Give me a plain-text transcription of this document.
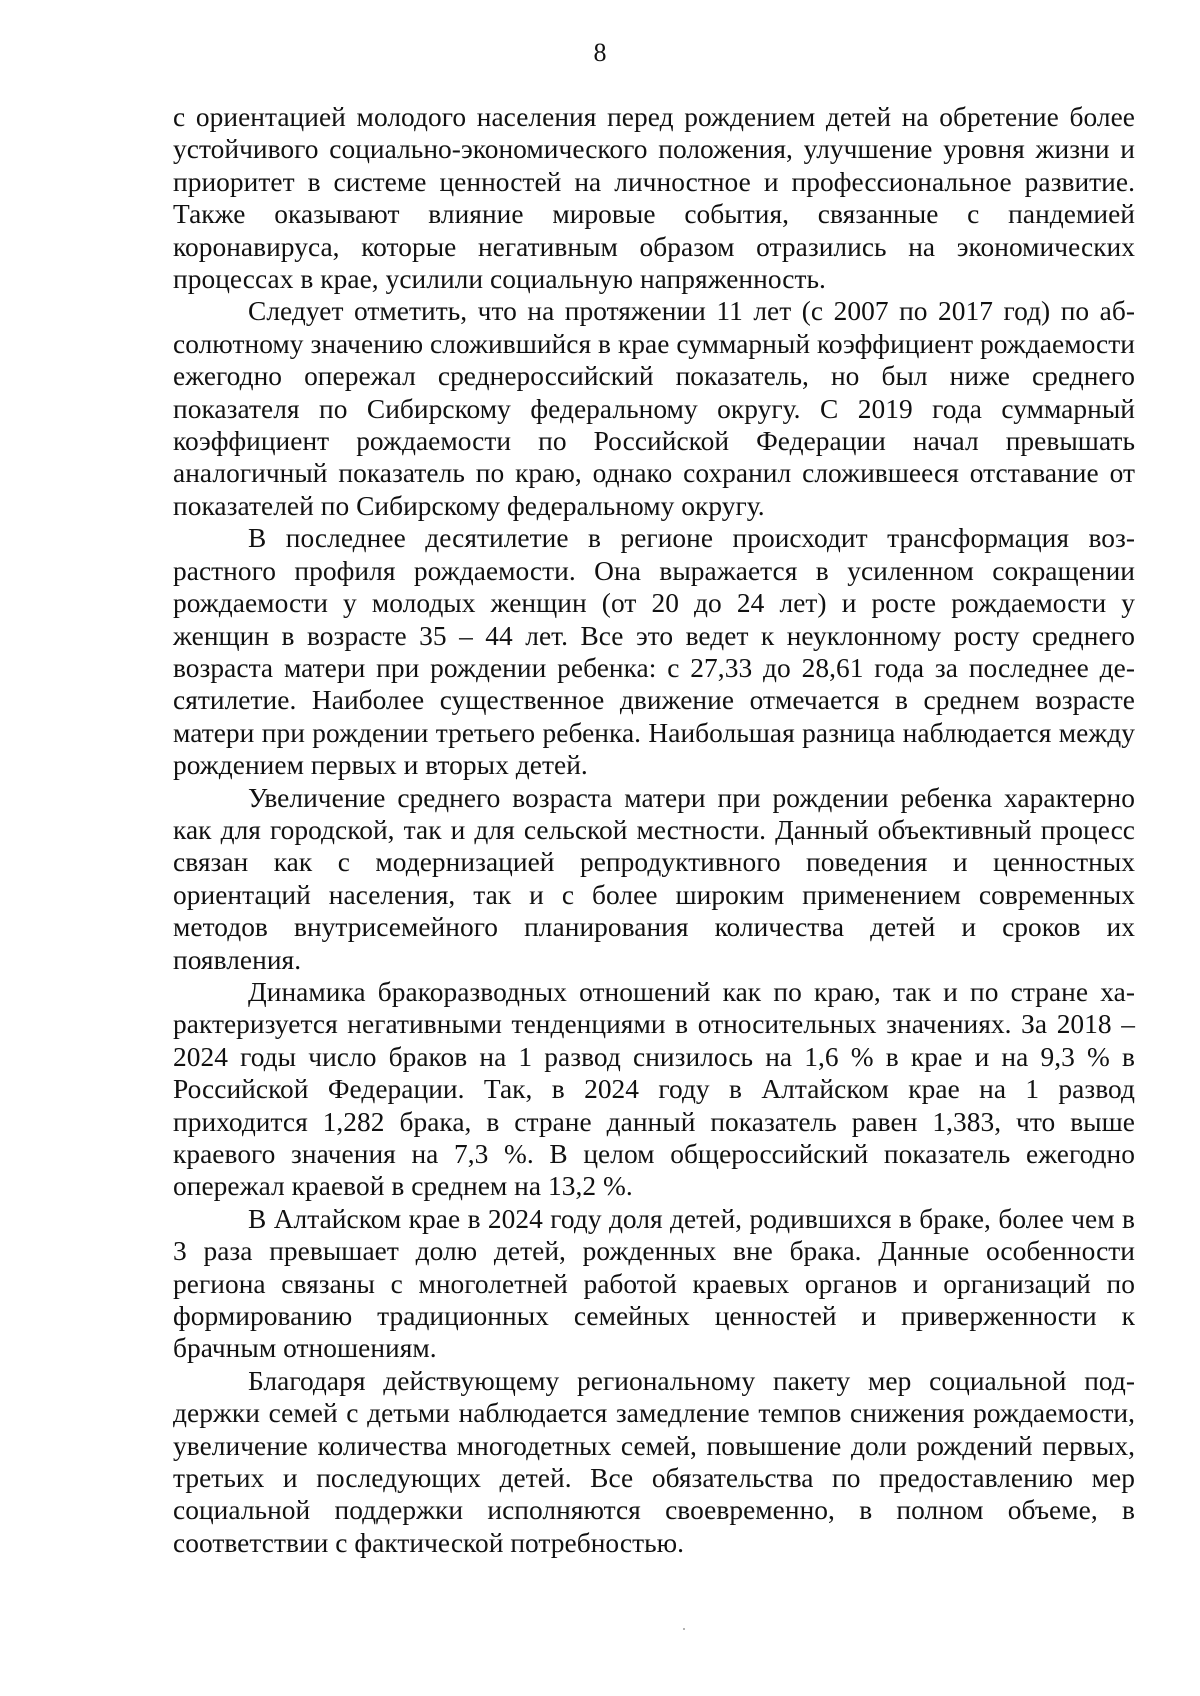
8

с ориентацией молодого населения перед рождением детей на обретение более устойчивого социально-экономического положения, улучшение уровня жизни и приоритет в системе ценностей на личностное и профессиональное развитие. Также оказывают влияние мировые события, связанные с пандемией коронавируса, которые негативным образом отразились на экономических процессах в крае, усилили социальную напряженность.

Следует отметить, что на протяжении 11 лет (с 2007 по 2017 год) по абсолютному значению сложившийся в крае суммарный коэффициент рождаемости ежегодно опережал среднероссийский показатель, но был ниже среднего показателя по Сибирскому федеральному округу. С 2019 года суммарный коэффициент рождаемости по Российской Федерации начал превышать аналогичный показатель по краю, однако сохранил сложившееся отставание от показателей по Сибирскому федеральному округу.

В последнее десятилетие в регионе происходит трансформация возрастного профиля рождаемости. Она выражается в усиленном сокращении рождаемости у молодых женщин (от 20 до 24 лет) и росте рождаемости у женщин в возрасте 35 – 44 лет. Все это ведет к неуклонному росту среднего возраста матери при рождении ребенка: с 27,33 до 28,61 года за последнее десятилетие. Наиболее существенное движение отмечается в среднем возрасте матери при рождении третьего ребенка. Наибольшая разница наблюдается между рождением первых и вторых детей.

Увеличение среднего возраста матери при рождении ребенка характерно как для городской, так и для сельской местности. Данный объективный процесс связан как с модернизацией репродуктивного поведения и ценностных ориентаций населения, так и с более широким применением современных методов внутрисемейного планирования количества детей и сроков их появления.

Динамика бракоразводных отношений как по краю, так и по стране характеризуется негативными тенденциями в относительных значениях. За 2018 – 2024 годы число браков на 1 развод снизилось на 1,6 % в крае и на 9,3 % в Российской Федерации. Так, в 2024 году в Алтайском крае на 1 развод приходится 1,282 брака, в стране данный показатель равен 1,383, что выше краевого значения на 7,3 %. В целом общероссийский показатель ежегодно опережал краевой в среднем на 13,2 %.

В Алтайском крае в 2024 году доля детей, родившихся в браке, более чем в 3 раза превышает долю детей, рожденных вне брака. Данные особенности региона связаны с многолетней работой краевых органов и организаций по формированию традиционных семейных ценностей и приверженности к брачным отношениям.

Благодаря действующему региональному пакету мер социальной поддержки семей с детьми наблюдается замедление темпов снижения рождаемости, увеличение количества многодетных семей, повышение доли рождений первых, третьих и последующих детей. Все обязательства по предоставлению мер социальной поддержки исполняются своевременно, в полном объеме, в соответствии с фактической потребностью.
